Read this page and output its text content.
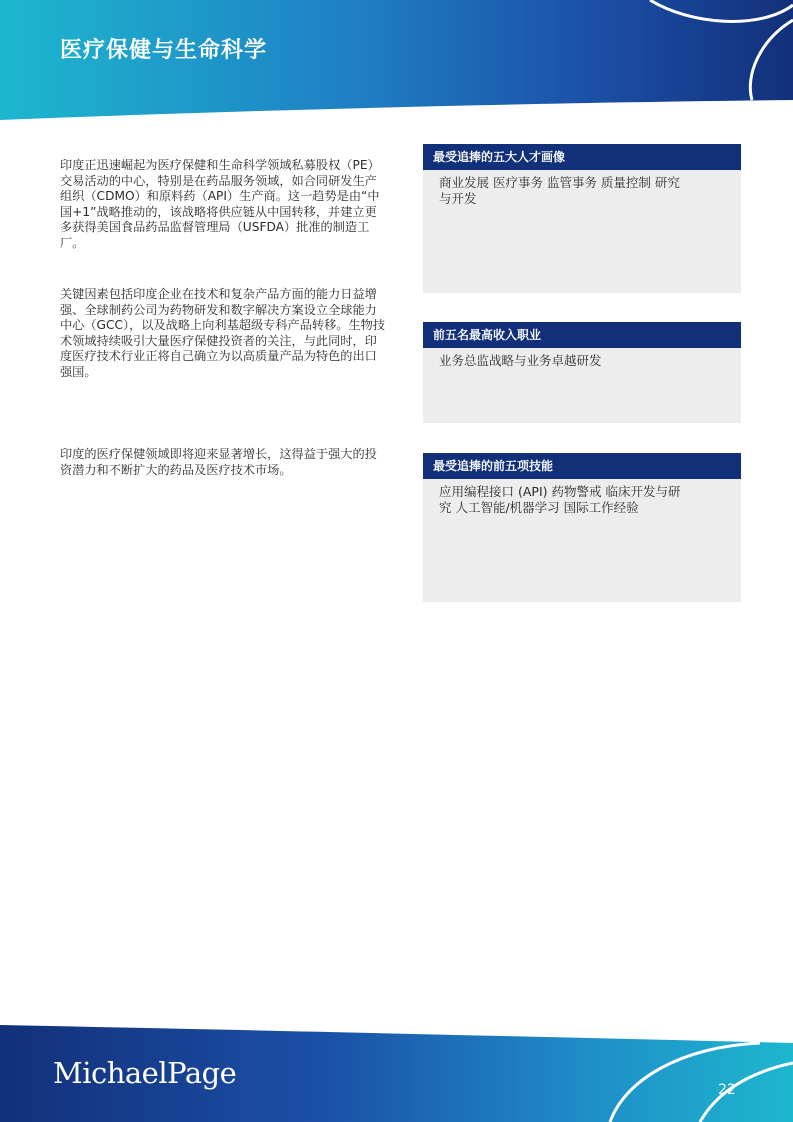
医疗保健与生命科学

印度正迅速崛起为医疗保健和生命科学领域私募股权（PE）交易活动的中心，特别是在药品服务领域，如合同研发生产组织（CDMO）和原料药（API）生产商。这一趋势是由“中国+1”战略推动的，该战略将供应链从中国转移，并建立更多获得美国食品药品监督管理局（USFDA）批准的制造工厂。

关键因素包括印度企业在技术和复杂产品方面的能力日益增强、全球制药公司为药物研发和数字解决方案设立全球能力中心（GCC），以及战略上向利基超级专科产品转移。生物技术领域持续吸引大量医疗保健投资者的关注，与此同时，印度医疗技术行业正将自己确立为以高质量产品为特色的出口强国。

印度的医疗保健领域即将迎来显著增长，这得益于强大的投资潜力和不断扩大的药品及医疗技术市场。

最受追捧的五大人才画像
商业发展 医疗事务 监管事务 质量控制 研究与开发
前五名最高收入职业
业务总监战略与业务卓越研发
最受追捧的前五项技能
应用编程接口 (API) 药物警戒 临床开发与研究 人工智能/机器学习 国际工作经验
MichaelPage	22
